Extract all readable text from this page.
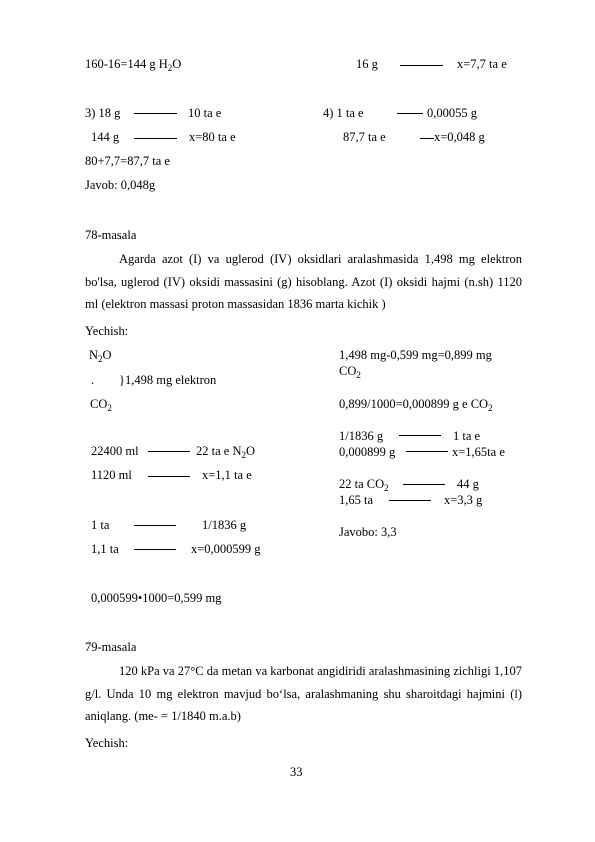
160-16=144 g $H_2O$	16 g	x=7,7 ta e
3) 18 g	10 ta e	4) 1 ta e	0,00055 g
144 g	x=80 ta e	87,7 ta e	x=0,048 g
80+7,7=87,7 ta e
Javob: 0,048g
78-masala
Agarda azot (I) va uglerod (IV) oksidlari aralashmasida 1,498 mg elektron bo'lsa, uglerod (IV) oksidi massasini (g) hisoblang. Azot (I) oksidi hajmi (n.sh) 1120 ml (elektron massasi proton massasidan 1836 marta kichik )
Yechish:
$N_2O$
. }1,498 mg elektron
$CO_2$
22400 ml	22 ta e $N_2O$
1120 ml	x=1,1 ta e
1 ta	1/1836 g
1,1 ta	x=0,000599 g
0,000599•1000=0,599 mg
1,498 mg-0,599 mg=0,899 mg
$CO_2$
0,899/1000=0,000899 g e $CO_2$
1/1836 g	1 ta e
0,000899 g	x=1,65ta e
22 ta $CO_2$	44 g
1,65 ta	x=3,3 g
Javobo: 3,3
79-masala
120 kPa va 27°C da metan va karbonat angidiridi aralashmasining zichligi 1,107 g/l. Unda 10 mg elektron mavjud bo‘lsa, aralashmaning shu sharoitdagi hajmini (l) aniqlang. (me- = 1/1840 m.a.b)
Yechish:
33
